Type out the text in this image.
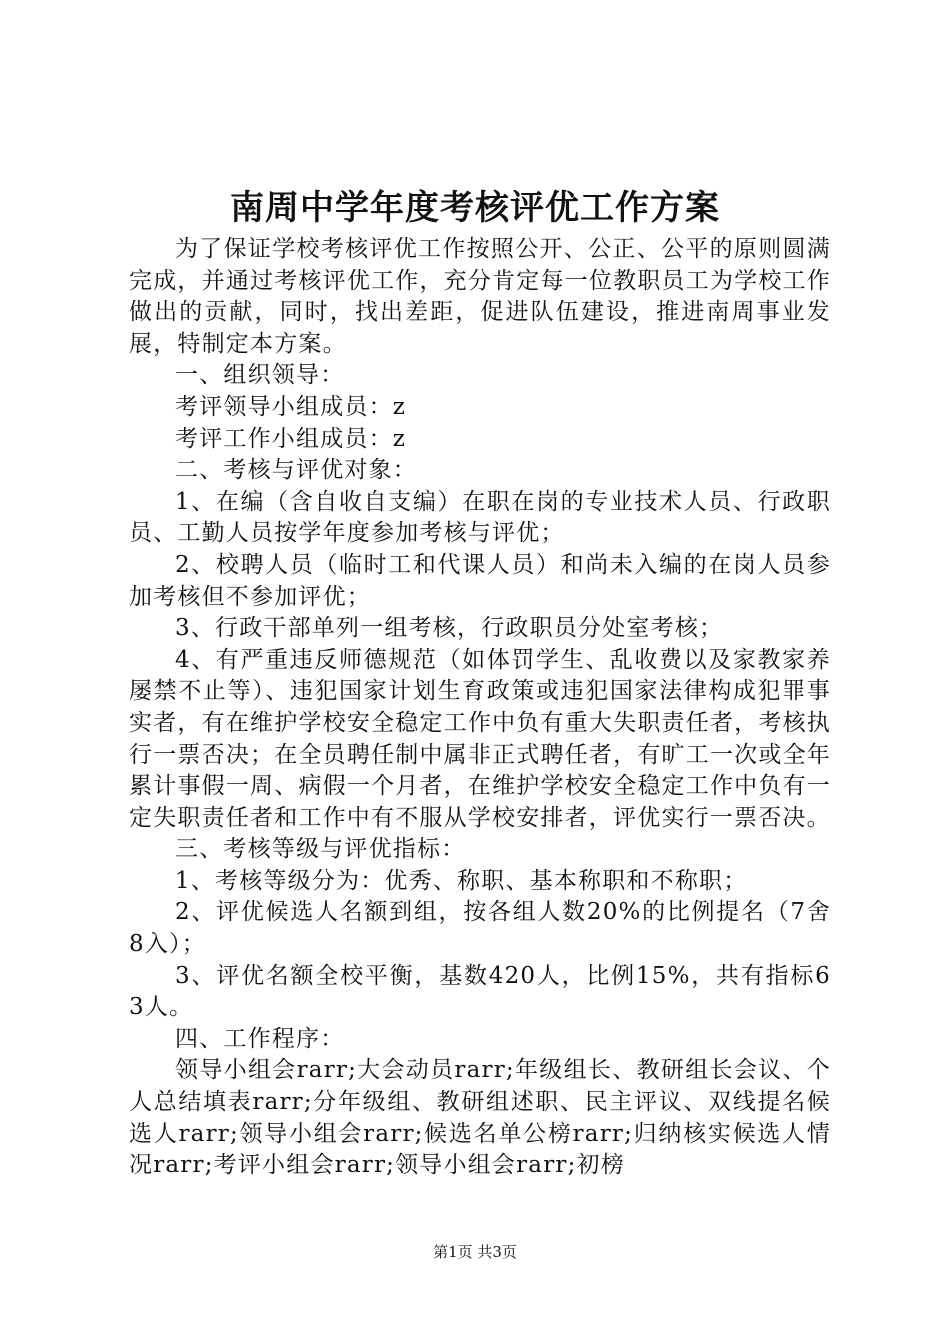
南周中学年度考核评优工作方案

为了保证学校考核评优工作按照公开、公正、公平的原则圆满完成，并通过考核评优工作，充分肯定每一位教职员工为学校工作做出的贡献，同时，找出差距，促进队伍建设，推进南周事业发展，特制定本方案。

一、组织领导：

考评领导小组成员：z

考评工作小组成员：z

二、考核与评优对象：

1、在编（含自收自支编）在职在岗的专业技术人员、行政职员、工勤人员按学年度参加考核与评优；

2、校聘人员（临时工和代课人员）和尚未入编的在岗人员参加考核但不参加评优；

3、行政干部单列一组考核，行政职员分处室考核；

4、有严重违反师德规范（如体罚学生、乱收费以及家教家养屡禁不止等）、违犯国家计划生育政策或违犯国家法律构成犯罪事实者，有在维护学校安全稳定工作中负有重大失职责任者，考核执行一票否决；在全员聘任制中属非正式聘任者，有旷工一次或全年累计事假一周、病假一个月者，在维护学校安全稳定工作中负有一定失职责任者和工作中有不服从学校安排者，评优实行一票否决。

三、考核等级与评优指标：

1、考核等级分为：优秀、称职、基本称职和不称职；

2、评优候选人名额到组，按各组人数20%的比例提名（7舍8入）；

3、评优名额全校平衡，基数420人，比例15%，共有指标63人。

四、工作程序：

领导小组会rarr;大会动员rarr;年级组长、教研组长会议、个人总结填表rarr;分年级组、教研组述职、民主评议、双线提名候选人rarr;领导小组会rarr;候选名单公榜rarr;归纳核实候选人情况rarr;考评小组会rarr;领导小组会rarr;初榜

第1页 共3页
